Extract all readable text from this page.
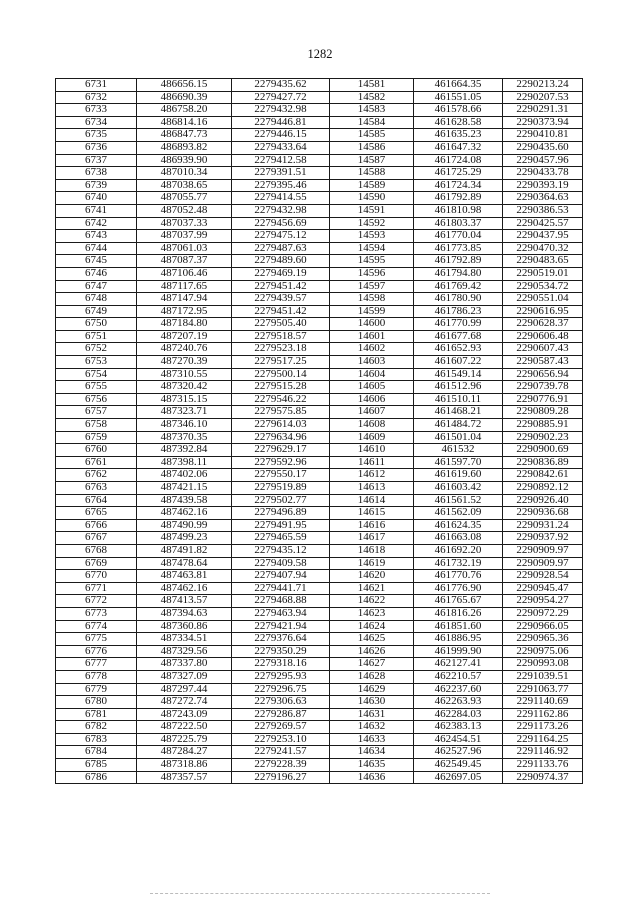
1282
6731	486656.15	2279435.62	14581	461664.35	2290213.24
6732	486690.39	2279427.72	14582	461551.05	2290207.53
6733	486758.20	2279432.98	14583	461578.66	2290291.31
6734	486814.16	2279446.81	14584	461628.58	2290373.94
6735	486847.73	2279446.15	14585	461635.23	2290410.81
6736	486893.82	2279433.64	14586	461647.32	2290435.60
6737	486939.90	2279412.58	14587	461724.08	2290457.96
6738	487010.34	2279391.51	14588	461725.29	2290433.78
6739	487038.65	2279395.46	14589	461724.34	2290393.19
6740	487055.77	2279414.55	14590	461792.89	2290364.63
6741	487052.48	2279432.98	14591	461810.98	2290386.53
6742	487037.33	2279456.69	14592	461803.37	2290425.57
6743	487037.99	2279475.12	14593	461770.04	2290437.95
6744	487061.03	2279487.63	14594	461773.85	2290470.32
6745	487087.37	2279489.60	14595	461792.89	2290483.65
6746	487106.46	2279469.19	14596	461794.80	2290519.01
6747	487117.65	2279451.42	14597	461769.42	2290534.72
6748	487147.94	2279439.57	14598	461780.90	2290551.04
6749	487172.95	2279451.42	14599	461786.23	2290616.95
6750	487184.80	2279505.40	14600	461770.99	2290628.37
6751	487207.19	2279518.57	14601	461677.68	2290606.48
6752	487240.76	2279523.18	14602	461652.93	2290607.43
6753	487270.39	2279517.25	14603	461607.22	2290587.43
6754	487310.55	2279500.14	14604	461549.14	2290656.94
6755	487320.42	2279515.28	14605	461512.96	2290739.78
6756	487315.15	2279546.22	14606	461510.11	2290776.91
6757	487323.71	2279575.85	14607	461468.21	2290809.28
6758	487346.10	2279614.03	14608	461484.72	2290885.91
6759	487370.35	2279634.96	14609	461501.04	2290902.23
6760	487392.84	2279629.17	14610	461532	2290900.69
6761	487398.11	2279592.96	14611	461597.70	2290836.89
6762	487402.06	2279550.17	14612	461619.60	2290842.61
6763	487421.15	2279519.89	14613	461603.42	2290892.12
6764	487439.58	2279502.77	14614	461561.52	2290926.40
6765	487462.16	2279496.89	14615	461562.09	2290936.68
6766	487490.99	2279491.95	14616	461624.35	2290931.24
6767	487499.23	2279465.59	14617	461663.08	2290937.92
6768	487491.82	2279435.12	14618	461692.20	2290909.97
6769	487478.64	2279409.58	14619	461732.19	2290909.97
6770	487463.81	2279407.94	14620	461770.76	2290928.54
6771	487462.16	2279441.71	14621	461776.90	2290945.47
6772	487413.57	2279468.88	14622	461765.67	2290954.27
6773	487394.63	2279463.94	14623	461816.26	2290972.29
6774	487360.86	2279421.94	14624	461851.60	2290966.05
6775	487334.51	2279376.64	14625	461886.95	2290965.36
6776	487329.56	2279350.29	14626	461999.90	2290975.06
6777	487337.80	2279318.16	14627	462127.41	2290993.08
6778	487327.09	2279295.93	14628	462210.57	2291039.51
6779	487297.44	2279296.75	14629	462237.60	2291063.77
6780	487272.74	2279306.63	14630	462263.93	2291140.69
6781	487243.09	2279286.87	14631	462284.03	2291162.86
6782	487222.50	2279269.57	14632	462383.13	2291173.26
6783	487225.79	2279253.10	14633	462454.51	2291164.25
6784	487284.27	2279241.57	14634	462527.96	2291146.92
6785	487318.86	2279228.39	14635	462549.45	2291133.76
6786	487357.57	2279196.27	14636	462697.05	2290974.37
